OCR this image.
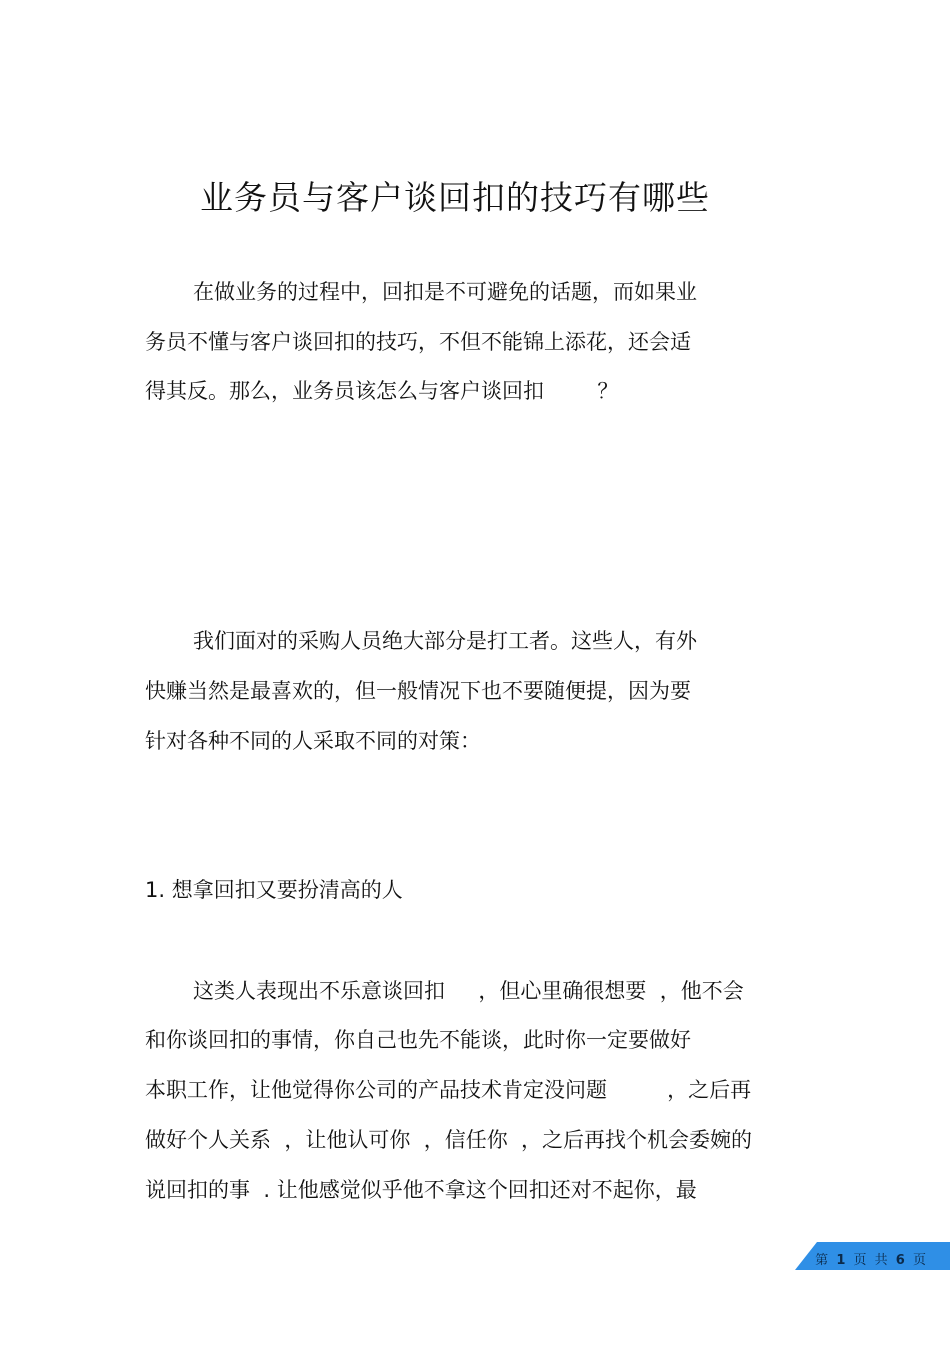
业务员与客户谈回扣的技巧有哪些
在做业务的过程中，回扣是不可避免的话题，而如果业
务员不懂与客户谈回扣的技巧，不但不能锦上添花，还会适
得其反。那么，业务员该怎么与客户谈回扣        ？
我们面对的采购人员绝大部分是打工者。这些人，有外
快赚当然是最喜欢的，但一般情况下也不要随便提，因为要
针对各种不同的人采取不同的对策：
1. 想拿回扣又要扮清高的人
这类人表现出不乐意谈回扣     ，但心里确很想要  ，他不会
和你谈回扣的事情，你自己也先不能谈，此时你一定要做好
本职工作，让他觉得你公司的产品技术肯定没问题         ，之后再
做好个人关系  ，让他认可你  ，信任你  ，之后再找个机会委婉的
说回扣的事  . 让他感觉似乎他不拿这个回扣还对不起你，最
第 1 页 共 6 页
